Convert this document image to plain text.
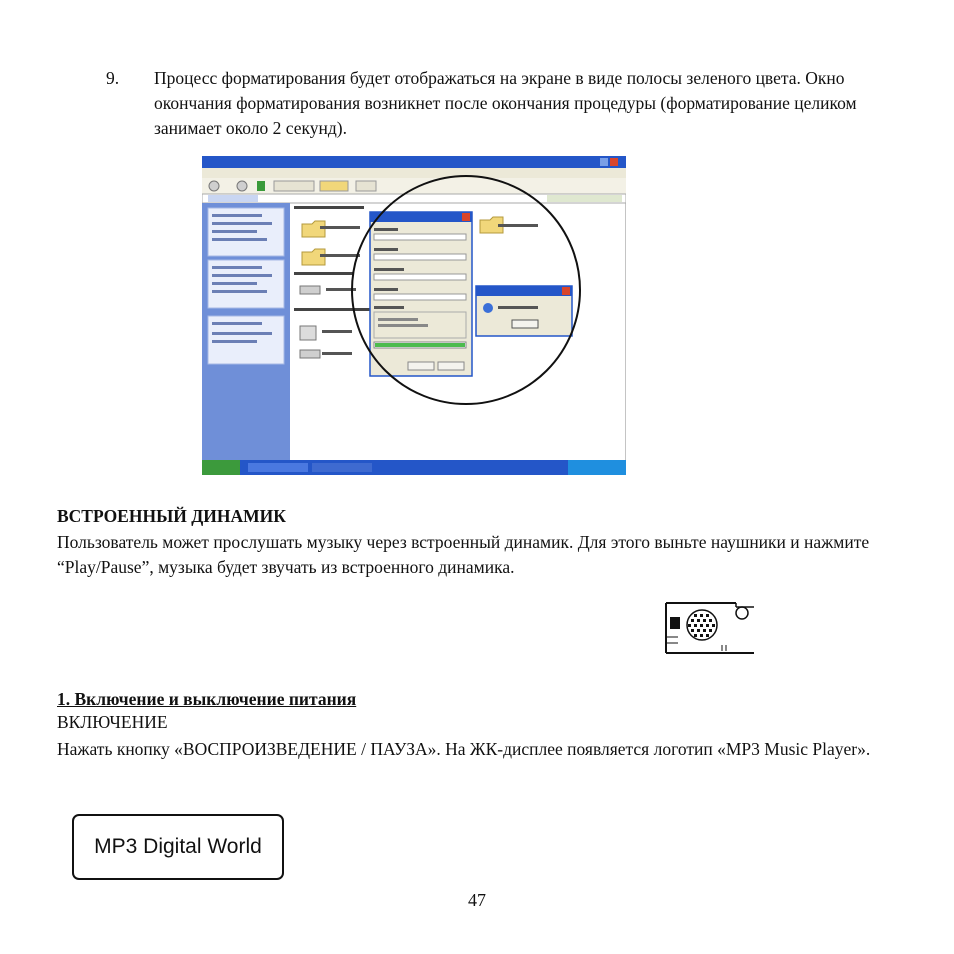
9. Процесс форматирования будет отображаться на экране в виде полосы зеленого цвета. Окно окончания форматирования возникнет после окончания процедуры (форматирование целиком занимает около 2 секунд).
ВСТРОЕННЫЙ ДИНАМИК
Пользователь может прослушать музыку через встроенный динамик. Для этого выньте наушники и нажмите “Play/Pause”, музыка будет звучать из встроенного динамика.
1. Включение и выключение питания
ВКЛЮЧЕНИЕ
Нажать кнопку «ВОСПРОИЗВЕДЕНИЕ / ПАУЗА». На ЖК-дисплее появляется логотип «MP3 Music Player».
MP3 Digital World
47
